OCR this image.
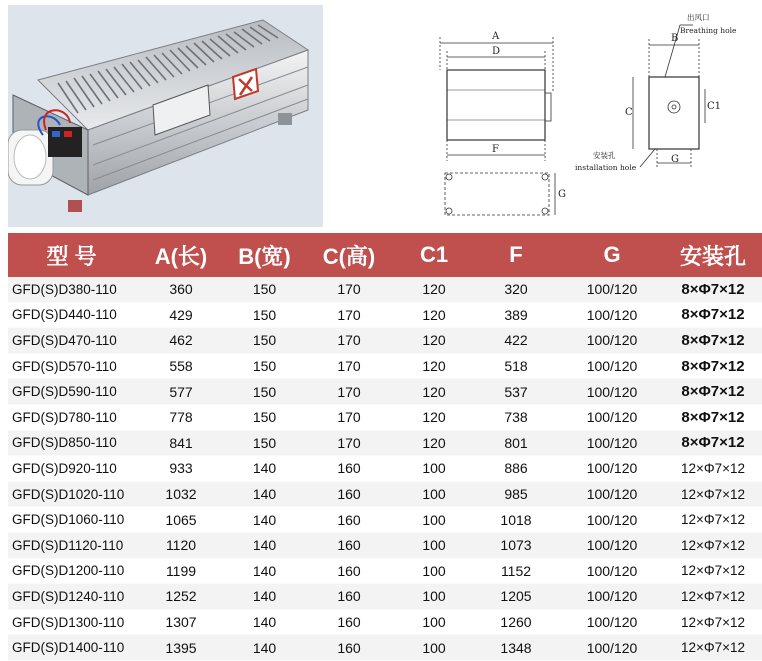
A
D
F
G
B
C
C1
G
出风口
Breathing hole
安装孔
installation hole
型 号	A(长)	B(宽)	C(高)	C1	F	G	安装孔
GFD(S)D380-110	360	150	170	120	320	100/120	8×Φ7×12
GFD(S)D440-110	429	150	170	120	389	100/120	8×Φ7×12
GFD(S)D470-110	462	150	170	120	422	100/120	8×Φ7×12
GFD(S)D570-110	558	150	170	120	518	100/120	8×Φ7×12
GFD(S)D590-110	577	150	170	120	537	100/120	8×Φ7×12
GFD(S)D780-110	778	150	170	120	738	100/120	8×Φ7×12
GFD(S)D850-110	841	150	170	120	801	100/120	8×Φ7×12
GFD(S)D920-110	933	140	160	100	886	100/120	12×Φ7×12
GFD(S)D1020-110	1032	140	160	100	985	100/120	12×Φ7×12
GFD(S)D1060-110	1065	140	160	100	1018	100/120	12×Φ7×12
GFD(S)D1120-110	1120	140	160	100	1073	100/120	12×Φ7×12
GFD(S)D1200-110	1199	140	160	100	1152	100/120	12×Φ7×12
GFD(S)D1240-110	1252	140	160	100	1205	100/120	12×Φ7×12
GFD(S)D1300-110	1307	140	160	100	1260	100/120	12×Φ7×12
GFD(S)D1400-110	1395	140	160	100	1348	100/120	12×Φ7×12
